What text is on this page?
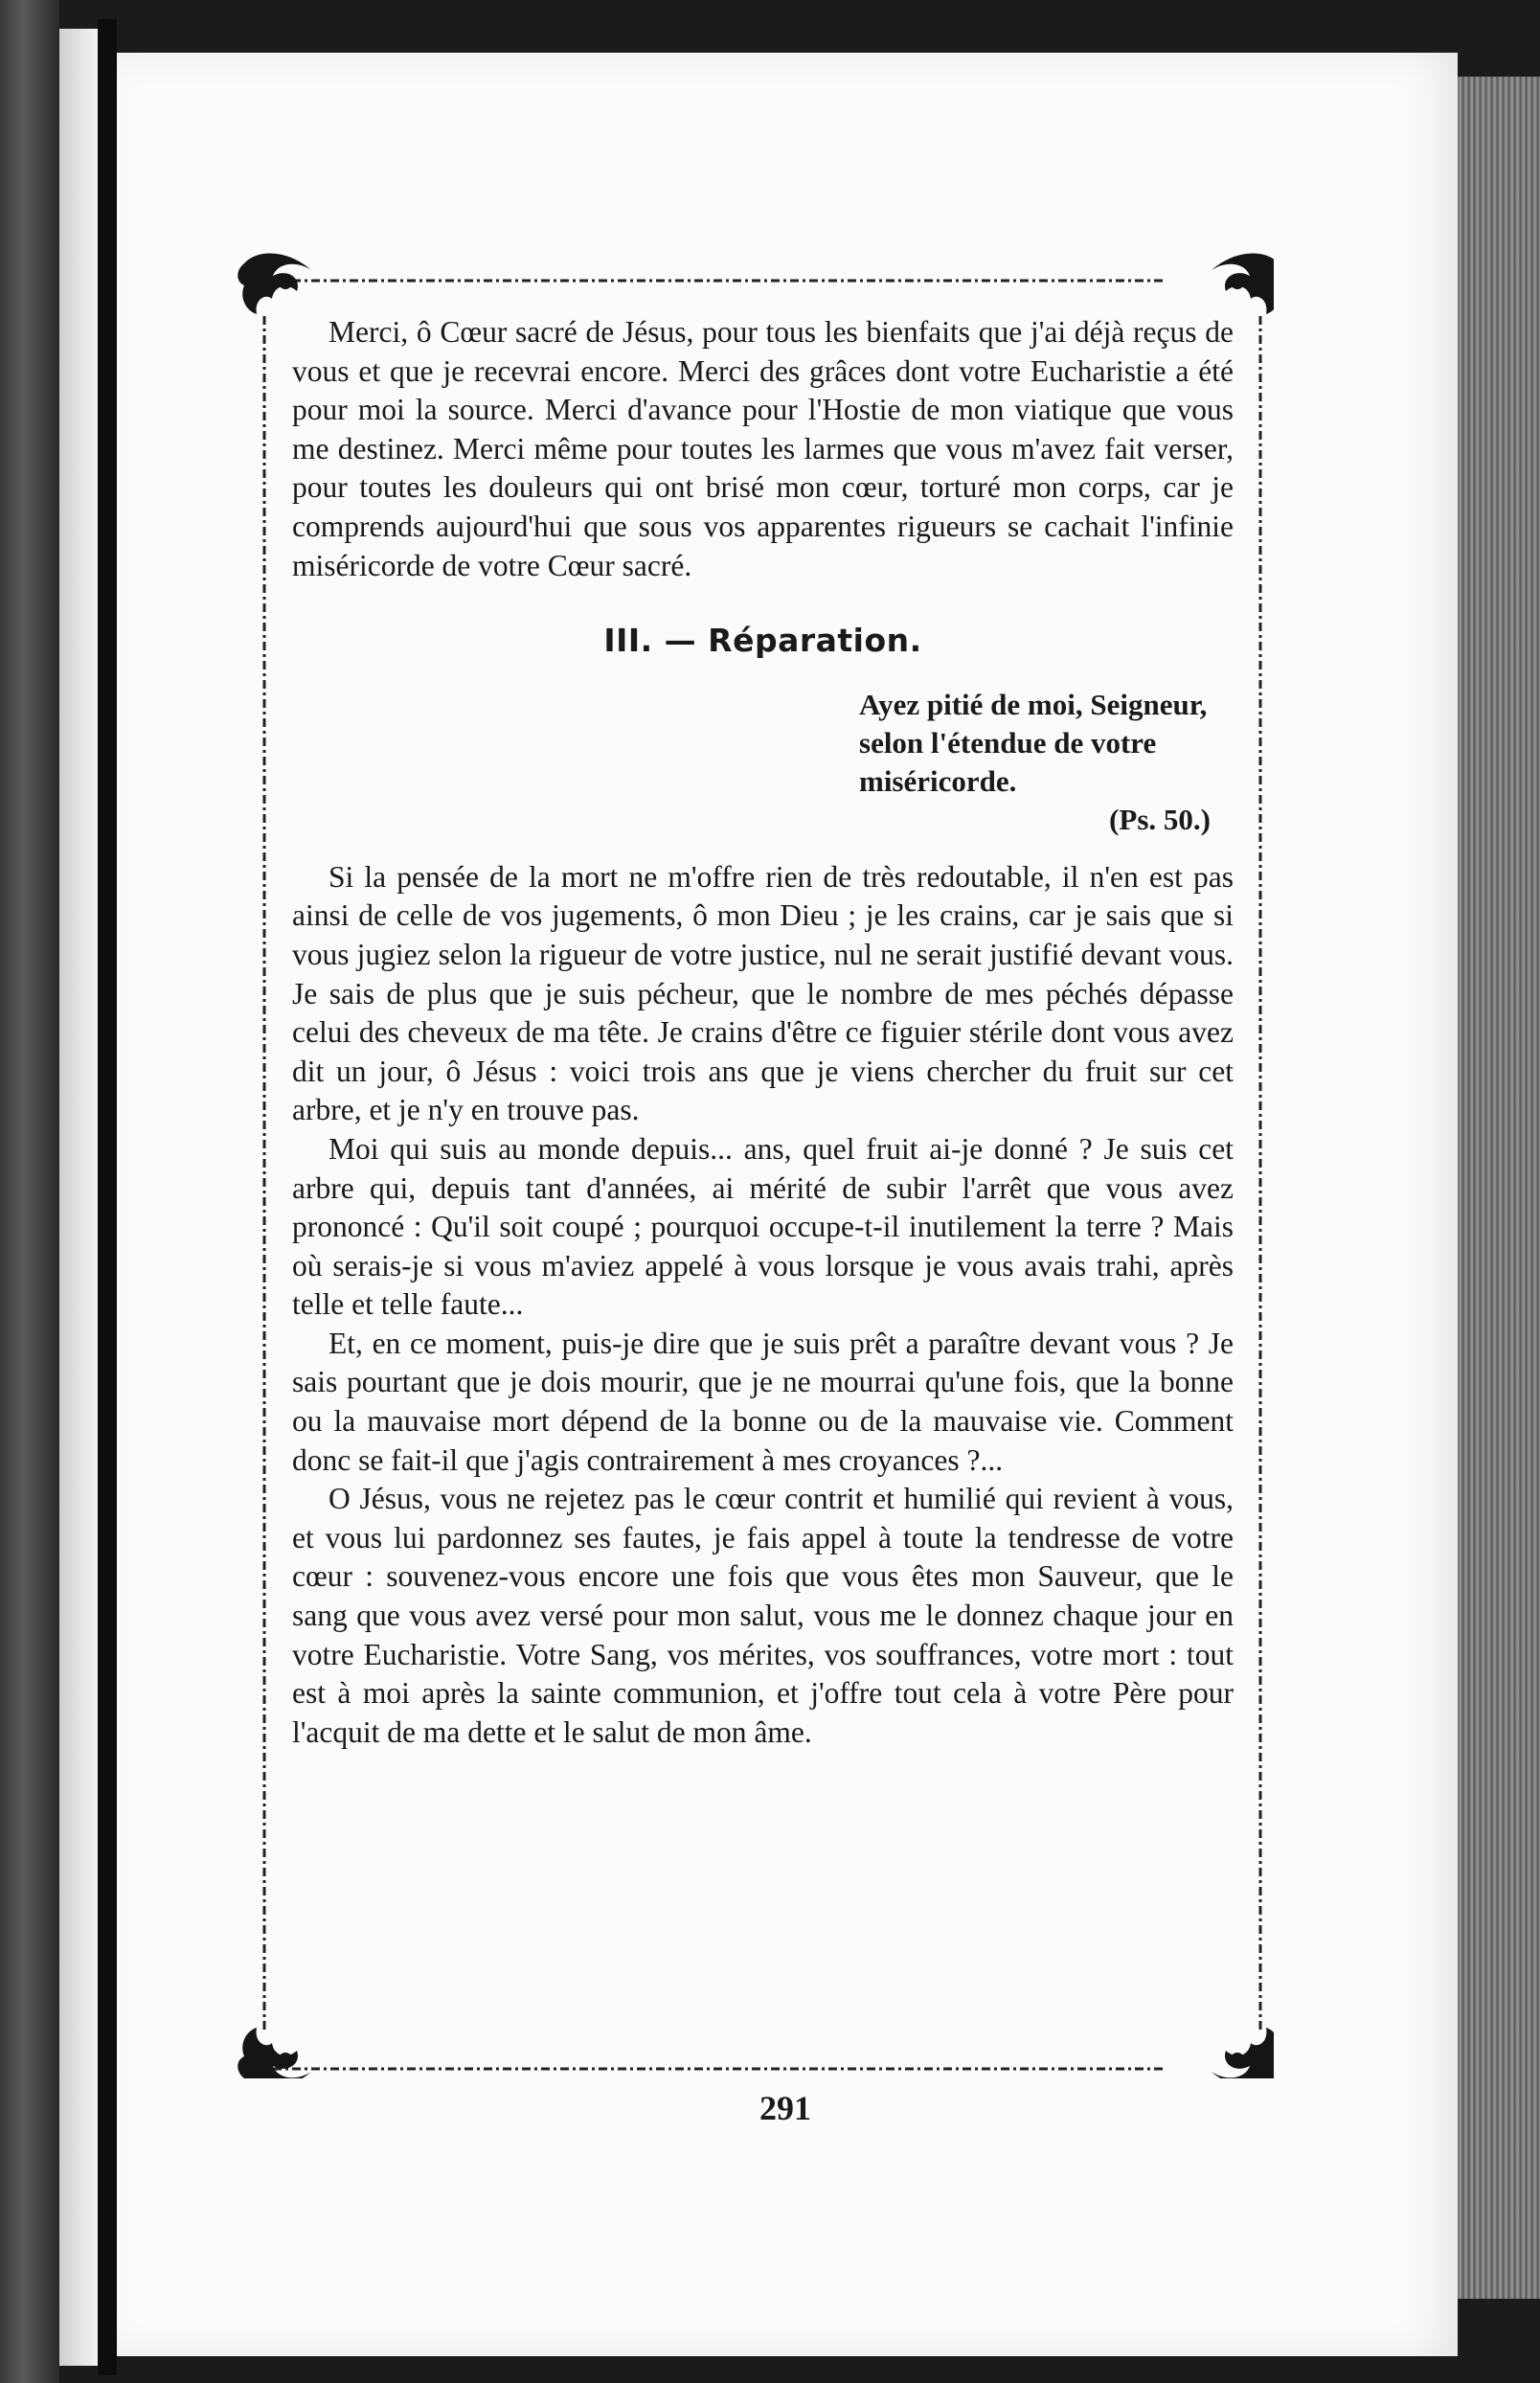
Merci, ô Cœur sacré de Jésus, pour tous les bienfaits que j'ai déjà reçus de vous et que je recevrai encore. Merci des grâces dont votre Eucharistie a été pour moi la source. Merci d'avance pour l'Hostie de mon viatique que vous me destinez. Merci même pour toutes les larmes que vous m'avez fait verser, pour toutes les douleurs qui ont brisé mon cœur, torturé mon corps, car je comprends aujourd'hui que sous vos apparentes rigueurs se cachait l'infinie miséricorde de votre Cœur sacré.

III. — Réparation.
Ayez pitié de moi, Seigneur, selon l'étendue de votre miséricorde.
(Ps. 50.)

Si la pensée de la mort ne m'offre rien de très redoutable, il n'en est pas ainsi de celle de vos jugements, ô mon Dieu ; je les crains, car je sais que si vous jugiez selon la rigueur de votre justice, nul ne serait justifié devant vous. Je sais de plus que je suis pécheur, que le nombre de mes péchés dépasse celui des cheveux de ma tête. Je crains d'être ce figuier stérile dont vous avez dit un jour, ô Jésus : voici trois ans que je viens chercher du fruit sur cet arbre, et je n'y en trouve pas.

Moi qui suis au monde depuis... ans, quel fruit ai-je donné ? Je suis cet arbre qui, depuis tant d'années, ai mérité de subir l'arrêt que vous avez prononcé : Qu'il soit coupé ; pourquoi occupe-t-il inutilement la terre ? Mais où serais-je si vous m'aviez appelé à vous lorsque je vous avais trahi, après telle et telle faute...

Et, en ce moment, puis-je dire que je suis prêt a paraître devant vous ? Je sais pourtant que je dois mourir, que je ne mourrai qu'une fois, que la bonne ou la mauvaise mort dépend de la bonne ou de la mauvaise vie. Comment donc se fait-il que j'agis contrairement à mes croyances ?...

O Jésus, vous ne rejetez pas le cœur contrit et humilié qui revient à vous, et vous lui pardonnez ses fautes, je fais appel à toute la tendresse de votre cœur : souvenez-vous encore une fois que vous êtes mon Sauveur, que le sang que vous avez versé pour mon salut, vous me le donnez chaque jour en votre Eucharistie. Votre Sang, vos mérites, vos souffrances, votre mort : tout est à moi après la sainte communion, et j'offre tout cela à votre Père pour l'acquit de ma dette et le salut de mon âme.

291
